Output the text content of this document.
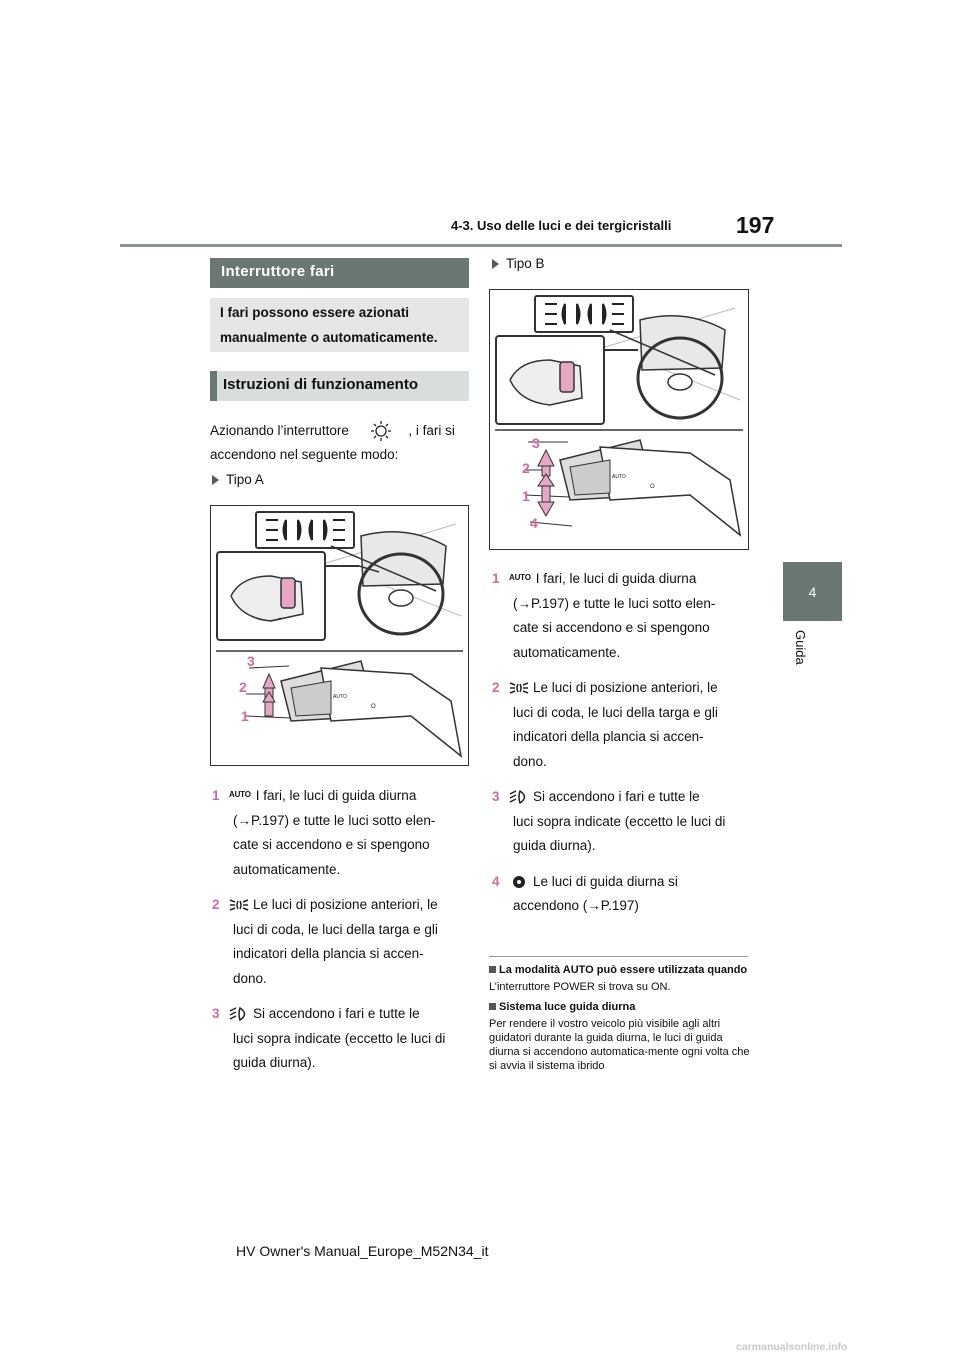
197
4-3. Uso delle luci e dei tergicristalli
4
Guida
Interruttore fari
I fari possono essere azionati manualmente o automaticamente.
Istruzioni di funzionamento
Azionando l’interruttore	, i fari si
accendono nel seguente modo:
Tipo A
AUTO
O
3
2
1
1 $^{AUTO}$ I fari, le luci di guida diurna
(→P.197) e tutte le luci sotto elen-
cate si accendono e si spengono
automaticamente.
2 Le luci di posizione anteriori, le
luci di coda, le luci della targa e gli
indicatori della plancia si accen-
dono.
3 Si accendono i fari e tutte le
luci sopra indicate (eccetto le luci di
guida diurna).
Tipo B
AUTO
O
3
2
1
4
1 $^{AUTO}$ I fari, le luci di guida diurna
(→P.197) e tutte le luci sotto elen-
cate si accendono e si spengono
automaticamente.
2 Le luci di posizione anteriori, le
luci di coda, le luci della targa e gli
indicatori della plancia si accen-
dono.
3 Si accendono i fari e tutte le
luci sopra indicate (eccetto le luci di
guida diurna).
4 Le luci di guida diurna si
accendono (→P.197)
La modalità AUTO può essere utilizzata quando
L’interruttore POWER si trova su ON.
Sistema luce guida diurna
Per rendere il vostro veicolo più visibile agli altri guidatori durante la guida diurna, le luci di guida diurna si accendono automatica-mente ogni volta che si avvia il sistema ibrido
HV Owner's Manual_Europe_M52N34_it
carmanualsonline.info
